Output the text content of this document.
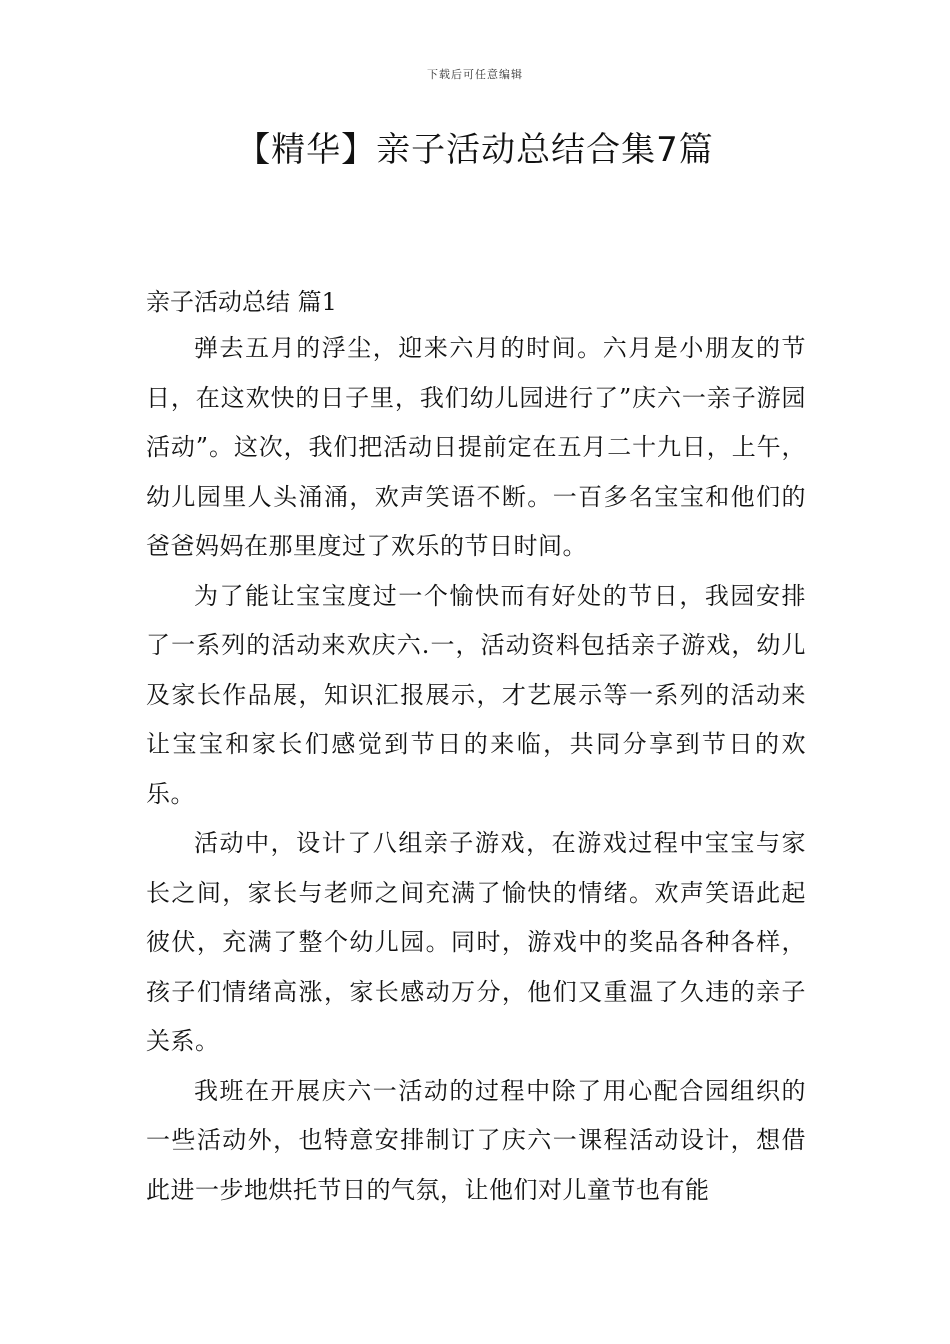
下载后可任意编辑
【精华】亲子活动总结合集7篇

亲子活动总结 篇1

弹去五月的浮尘，迎来六月的时间。六月是小朋友的节日，在这欢快的日子里，我们幼儿园进行了”庆六一亲子游园活动”。这次，我们把活动日提前定在五月二十九日，上午，幼儿园里人头涌涌，欢声笑语不断。一百多名宝宝和他们的爸爸妈妈在那里度过了欢乐的节日时间。

为了能让宝宝度过一个愉快而有好处的节日，我园安排了一系列的活动来欢庆六.一，活动资料包括亲子游戏，幼儿及家长作品展，知识汇报展示，才艺展示等一系列的活动来让宝宝和家长们感觉到节日的来临，共同分享到节日的欢乐。

活动中，设计了八组亲子游戏，在游戏过程中宝宝与家长之间，家长与老师之间充满了愉快的情绪。欢声笑语此起彼伏，充满了整个幼儿园。同时，游戏中的奖品各种各样，孩子们情绪高涨，家长感动万分，他们又重温了久违的亲子关系。

我班在开展庆六一活动的过程中除了用心配合园组织的一些活动外，也特意安排制订了庆六一课程活动设计，想借此进一步地烘托节日的气氛，让他们对儿童节也有能
